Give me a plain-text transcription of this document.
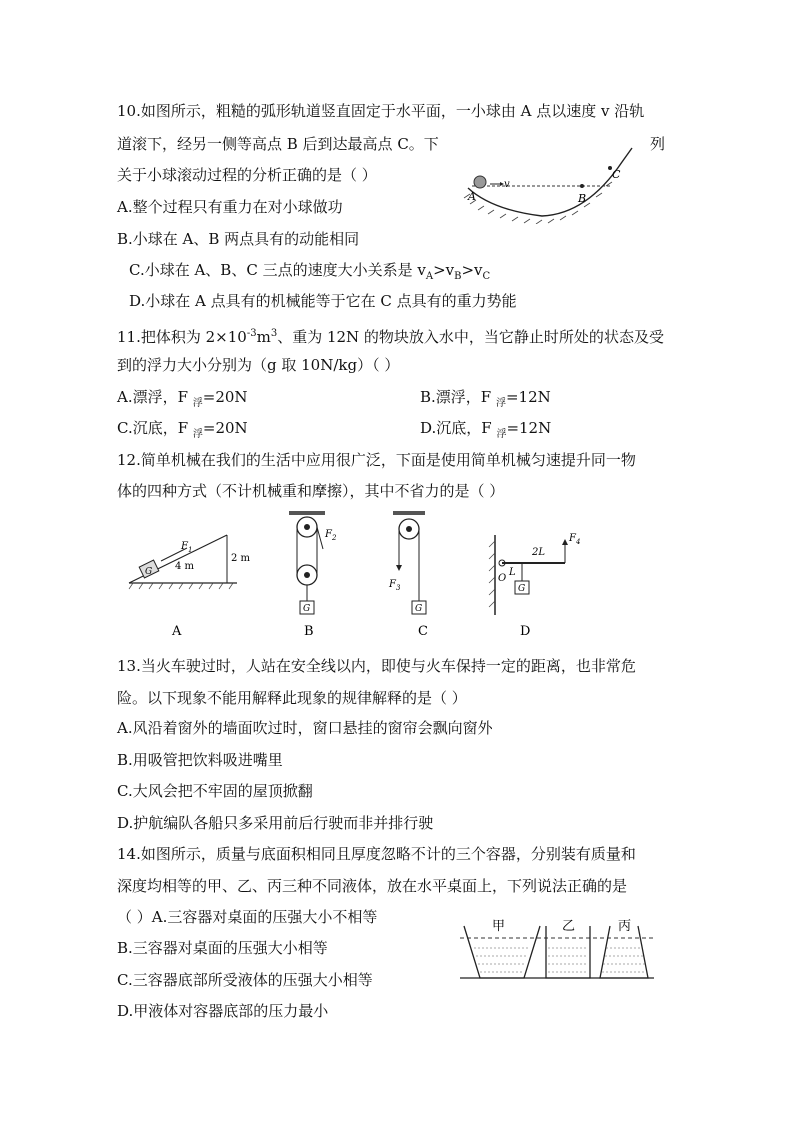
10.如图所示，粗糙的弧形轨道竖直固定于水平面，一小球由 A 点以速度 v 沿轨
道滚下，经另一侧等高点 B 后到达最高点 C。下	列
关于小球滚动过程的分析正确的是（ ）
A.整个过程只有重力在对小球做功
B.小球在 A、B 两点具有的动能相同
C.小球在 A、B、C 三点的速度大小关系是 $v_A>v_B>v_C$
D.小球在 A 点具有的机械能等于它在 C 点具有的重力势能
v
A	B
C
11.把体积为 $2\times 10^{-3}m^3$、重为 12N 的物块放入水中，当它静止时所处的状态及受
到的浮力大小分别为（g 取 10N/kg）（ ）
A.漂浮，F $_浮$=20N	B.漂浮，F $_浮$=12N
C.沉底，F $_浮$=20N	D.沉底，F $_浮$=12N
12.简单机械在我们的生活中应用很广泛，下面是使用简单机械匀速提升同一物
体的四种方式（不计机械重和摩擦），其中不省力的是（ ）
G
$F_1$
4 m
2 m
A
G
$F_2$
B
G
$F_3$
C
G
2L
L
O
$F_4$
D
13.当火车驶过时，人站在安全线以内，即使与火车保持一定的距离，也非常危
险。以下现象不能用解释此现象的规律解释的是（ ）
A.风沿着窗外的墙面吹过时，窗口悬挂的窗帘会飘向窗外
B.用吸管把饮料吸进嘴里
C.大风会把不牢固的屋顶掀翻
D.护航编队各船只多采用前后行驶而非并排行驶
14.如图所示，质量与底面积相同且厚度忽略不计的三个容器，分别装有质量和
深度均相等的甲、乙、丙三种不同液体，放在水平桌面上，下列说法正确的是
（ ）A.三容器对桌面的压强大小不相等
B.三容器对桌面的压强大小相等
C.三容器底部所受液体的压强大小相等
D.甲液体对容器底部的压力最小
甲	乙	丙
